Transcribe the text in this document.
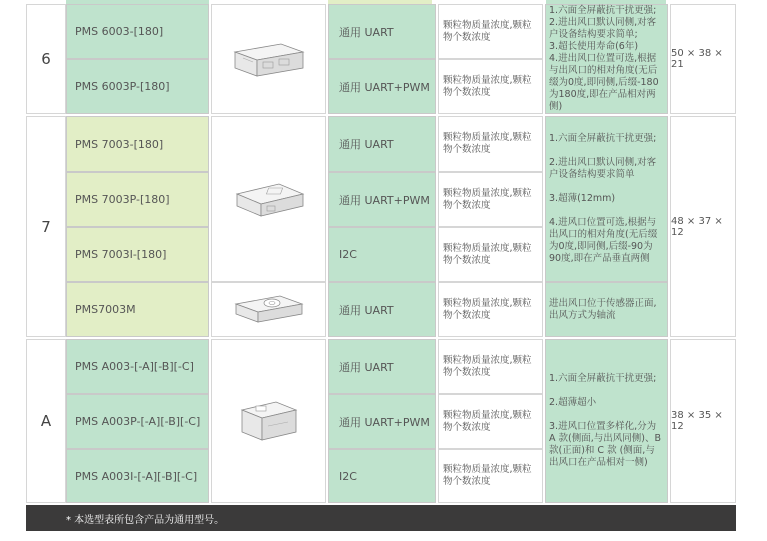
6
PMS 6003-[180]
PMS 6003P-[180]
通用 UART
通用 UART+PWM
颗粒物质量浓度,颗粒物个数浓度
颗粒物质量浓度,颗粒物个数浓度

1.六面全屏蔽抗干扰更强;

2.进出风口默认同侧,对客户设备结构要求简单;

3.超长使用寿命(6年)

4.进出风口位置可选,根据与出风口的相对角度(无后缀为0度,即同侧,后缀-180为180度,即在产品相对两侧)

50 × 38 × 21
7
PMS 7003-[180]
PMS 7003P-[180]
PMS 7003I-[180]
PMS7003M
通用 UART
通用 UART+PWM
I2C
通用 UART
颗粒物质量浓度,颗粒物个数浓度
颗粒物质量浓度,颗粒物个数浓度
颗粒物质量浓度,颗粒物个数浓度
颗粒物质量浓度,颗粒物个数浓度

1.六面全屏蔽抗干扰更强;

2.进出风口默认同侧,对客户设备结构要求简单

3.超薄(12mm)

4.进风口位置可选,根据与出风口的相对角度(无后缀为0度,即同侧,后缀-90为90度,即在产品垂直两侧

进出风口位于传感器正面,出风方式为轴流

48 × 37 × 12
A
PMS A003-[-A][-B][-C]
PMS A003P-[-A][-B][-C]
PMS A003I-[-A][-B][-C]
通用 UART
通用 UART+PWM
I2C
颗粒物质量浓度,颗粒物个数浓度
颗粒物质量浓度,颗粒物个数浓度
颗粒物质量浓度,颗粒物个数浓度

1.六面全屏蔽抗干扰更强;

2.超薄超小

3.进风口位置多样化,分为 A 款(侧面,与出风同侧)、B 款(正面)和 C 款 (侧面,与出风口在产品相对一侧)

38 × 35 × 12
* 本选型表所包含产品为通用型号。
